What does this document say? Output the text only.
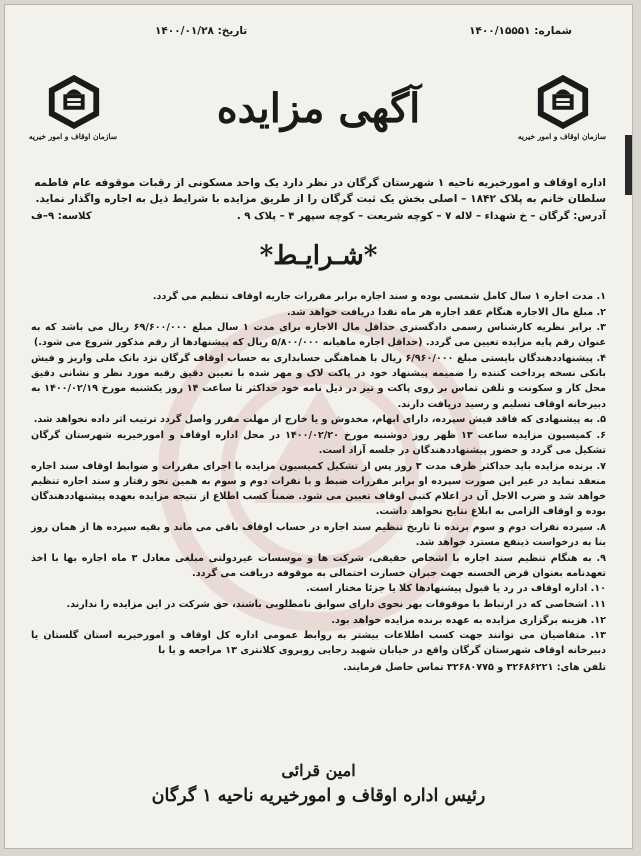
شماره: ۱۴۰۰/۱۵۵۵۱
تاریخ: ۱۴۰۰/۰۱/۲۸
سازمان اوقاف و امور خیریه
سازمان اوقاف و امور خیریه
آگهی مزایده
اداره اوقاف و امورخیریه ناحیه ۱ شهرستان گرگان در نظر دارد یک واحد مسکونی از رقبات موقوفه عام فاطمه سلطان خانم به پلاک ۱۸۴۲ – اصلی بخش یک ثبت گرگان را از طریق مزایده با شرایط ذیل به اجاره واگذار نماید.
آدرس: گرگان – خ شهداء – لاله ۷ – کوچه شریعت – کوچه سپهر ۴ – پلاک ۹ .
کلاسه: ۹–ف
*شـرایـط*

۱. مدت اجاره ۱ سال کامل شمسی بوده و سند اجاره برابر مقررات جاریه اوقاف تنظیم می گردد.

۲. مبلغ مال الاجاره هنگام عقد اجاره هر ماه نقدا دریافت خواهد شد.

۳. برابر نظریه کارشناس رسمی دادگستری حداقل مال الاجاره برای مدت ۱ سال مبلغ ۶۹/۶۰۰/۰۰۰ ریال می باشد که به عنوان رقم پایه مزایده تعیین می گردد. (حداقل اجاره ماهیانه ۵/۸۰۰/۰۰۰ ریال که پیشنهادها از رقم مذکور شروع می شود.)

۴. پیشنهاددهندگان بایستی مبلغ ۶/۹۶۰/۰۰۰ ریال با هماهنگی حسابداری به حساب اوقاف گرگان نزد بانک ملی واریز و فیش بانکی نسخه پرداخت کننده را ضمیمه پیشنهاد خود در پاکت لاک و مهر شده با تعیین دقیق رقبه مورد نظر و نشانی دقیق محل کار و سکونت و تلفن تماس بر روی پاکت و تیز در ذیل نامه خود حداکثر تا ساعت ۱۴ روز یکشنبه مورخ ۱۴۰۰/۰۲/۱۹ به دبیرخانه اوقاف تسلیم و رسید دریافت دارند.

۵. به پیشنهادی که فاقد فیش سپرده، دارای ابهام، مخدوش و یا خارج از مهلت مقرر واصل گردد ترتیب اثر داده نخواهد شد.

۶. کمیسیون مزایده ساعت ۱۳ ظهر روز دوشنبه مورخ ۱۴۰۰/۰۲/۲۰ در محل اداره اوقاف و امورخیریه شهرستان گرگان تشکیل می گردد و حضور پیشنهاددهندگان در جلسه آزاد است.

۷. برنده مزایده باید حداکثر ظرف مدت ۳ روز پس از تشکیل کمیسیون مزایده با اجرای مقررات و ضوابط اوقاف سند اجاره منعقد نماید در غیر این صورت سپرده او برابر مقررات ضبط و با نفرات دوم و سوم به همین نحو رفتار و سند اجاره تنظیم خواهد شد و ضرب الاجل آن در اعلام کتبی اوقاف تعیین می شود. ضمناً کسب اطلاع از نتیجه مزایده بعهده پیشنهاددهندگان بوده و اوقاف الزامی به ابلاغ نتایج نخواهد داشت.

۸. سپرده نفرات دوم و سوم برنده تا تاریخ تنظیم سند اجاره در حساب اوقاف باقی می ماند و بقیه سپرده ها از همان روز بنا به درخواست ذینفع مسترد خواهد شد.

۹. به هنگام تنظیم سند اجاره با اشخاص حقیقی، شرکت ها و موسسات غیردولتی مبلغی معادل ۳ ماه اجاره بها با اخذ تعهدنامه بعنوان قرض الحسنه جهت جبران خسارت احتمالی به موقوفه دریافت می گردد.

۱۰. اداره اوقاف در رد یا قبول پیشنهادها کلا یا جزئا مختار است.

۱۱. اشخاصی که در ارتباط با موقوفات بهر نحوی دارای سوابق نامطلوبی باشند، حق شرکت در این مزایده را ندارند.

۱۲. هزینه برگزاری مزایده به عهده برنده مزایده خواهد بود.

۱۳. متقاضیان می توانند جهت کسب اطلاعات بیشتر به روابط عمومی اداره کل اوقاف و امورخیریه استان گلستان یا دبیرخانه اوقاف شهرستان گرگان واقع در خیابان شهید رجایی روبروی کلانتری ۱۳ مراجعه و یا با

تلفن های: ۳۲۶۸۶۲۲۱ و ۳۲۶۸۰۷۷۵ تماس حاصل فرمایند.

امین قرائی
رئیس اداره اوقاف و امورخیریه ناحیه ۱ گرگان
